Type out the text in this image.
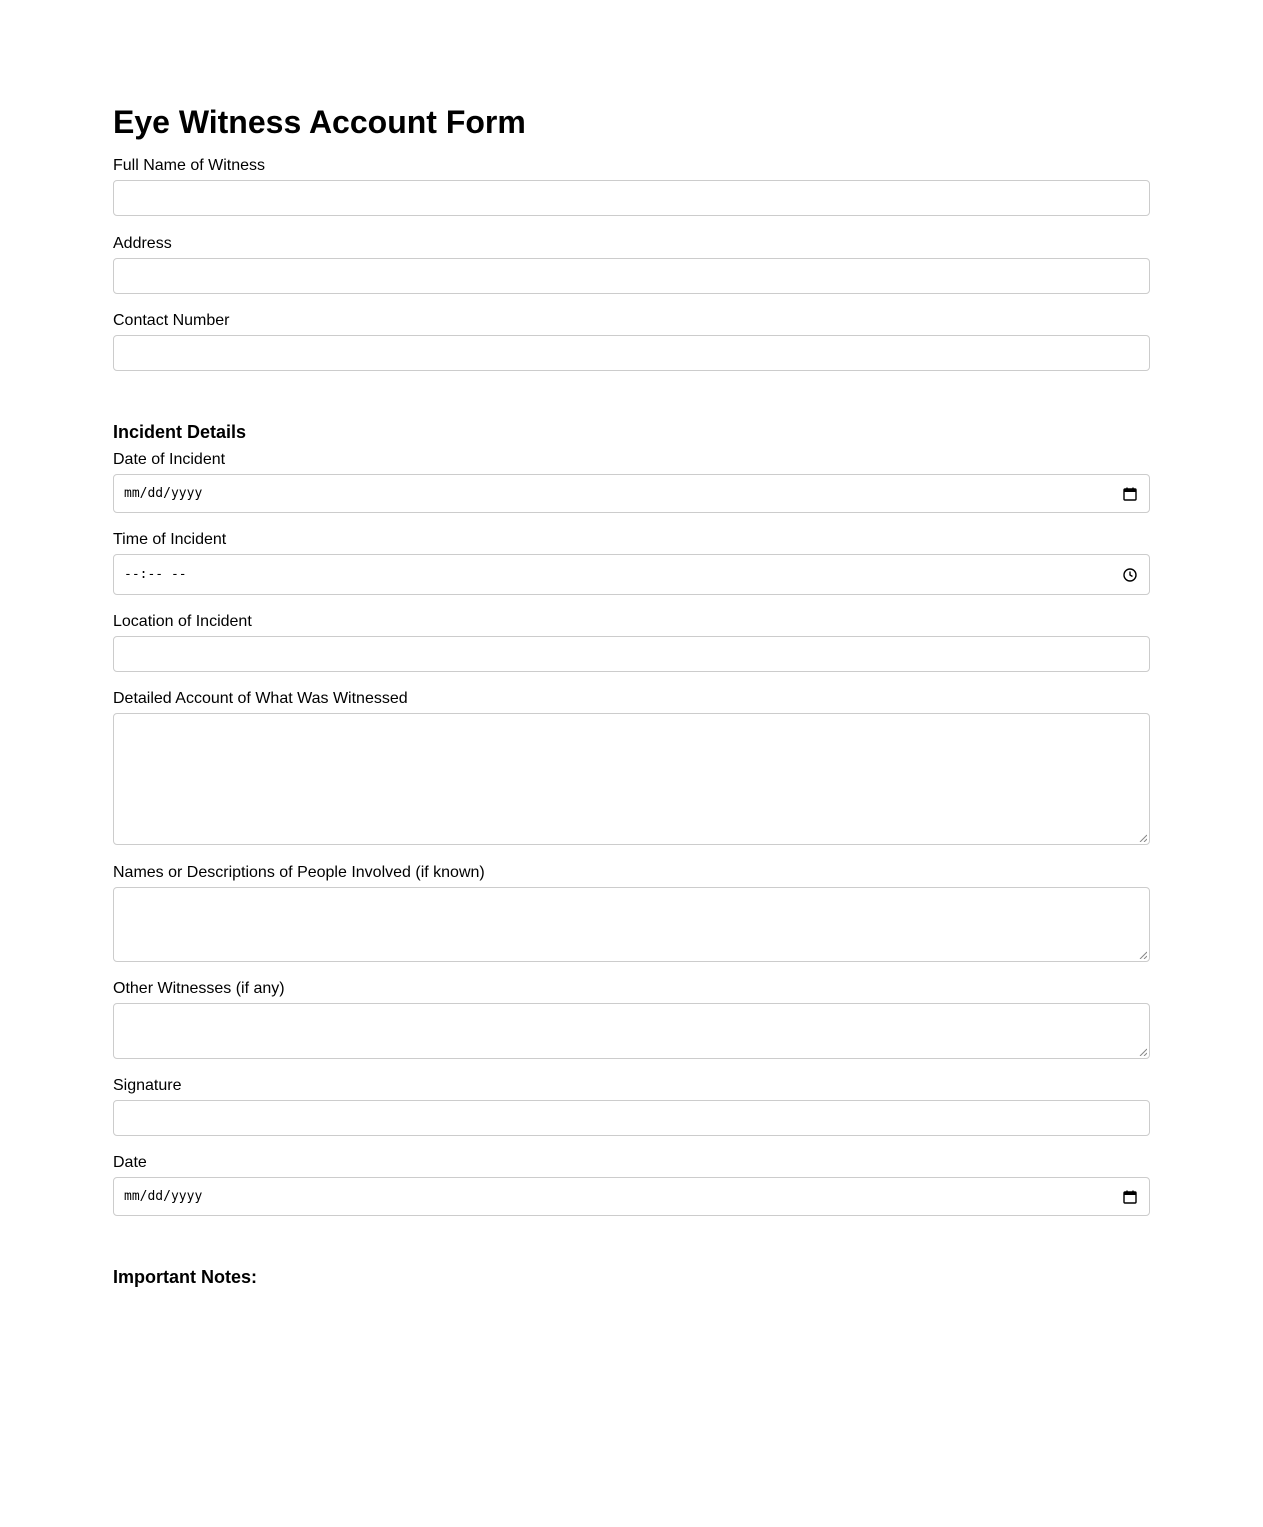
Eye Witness Account Form
Full Name of Witness
Address
Contact Number
Incident Details
Date of Incident
mm/dd/yyyy
Time of Incident
--:-- --
Location of Incident
Detailed Account of What Was Witnessed
Names or Descriptions of People Involved (if known)
Other Witnesses (if any)
Signature
Date
mm/dd/yyyy
Important Notes:
